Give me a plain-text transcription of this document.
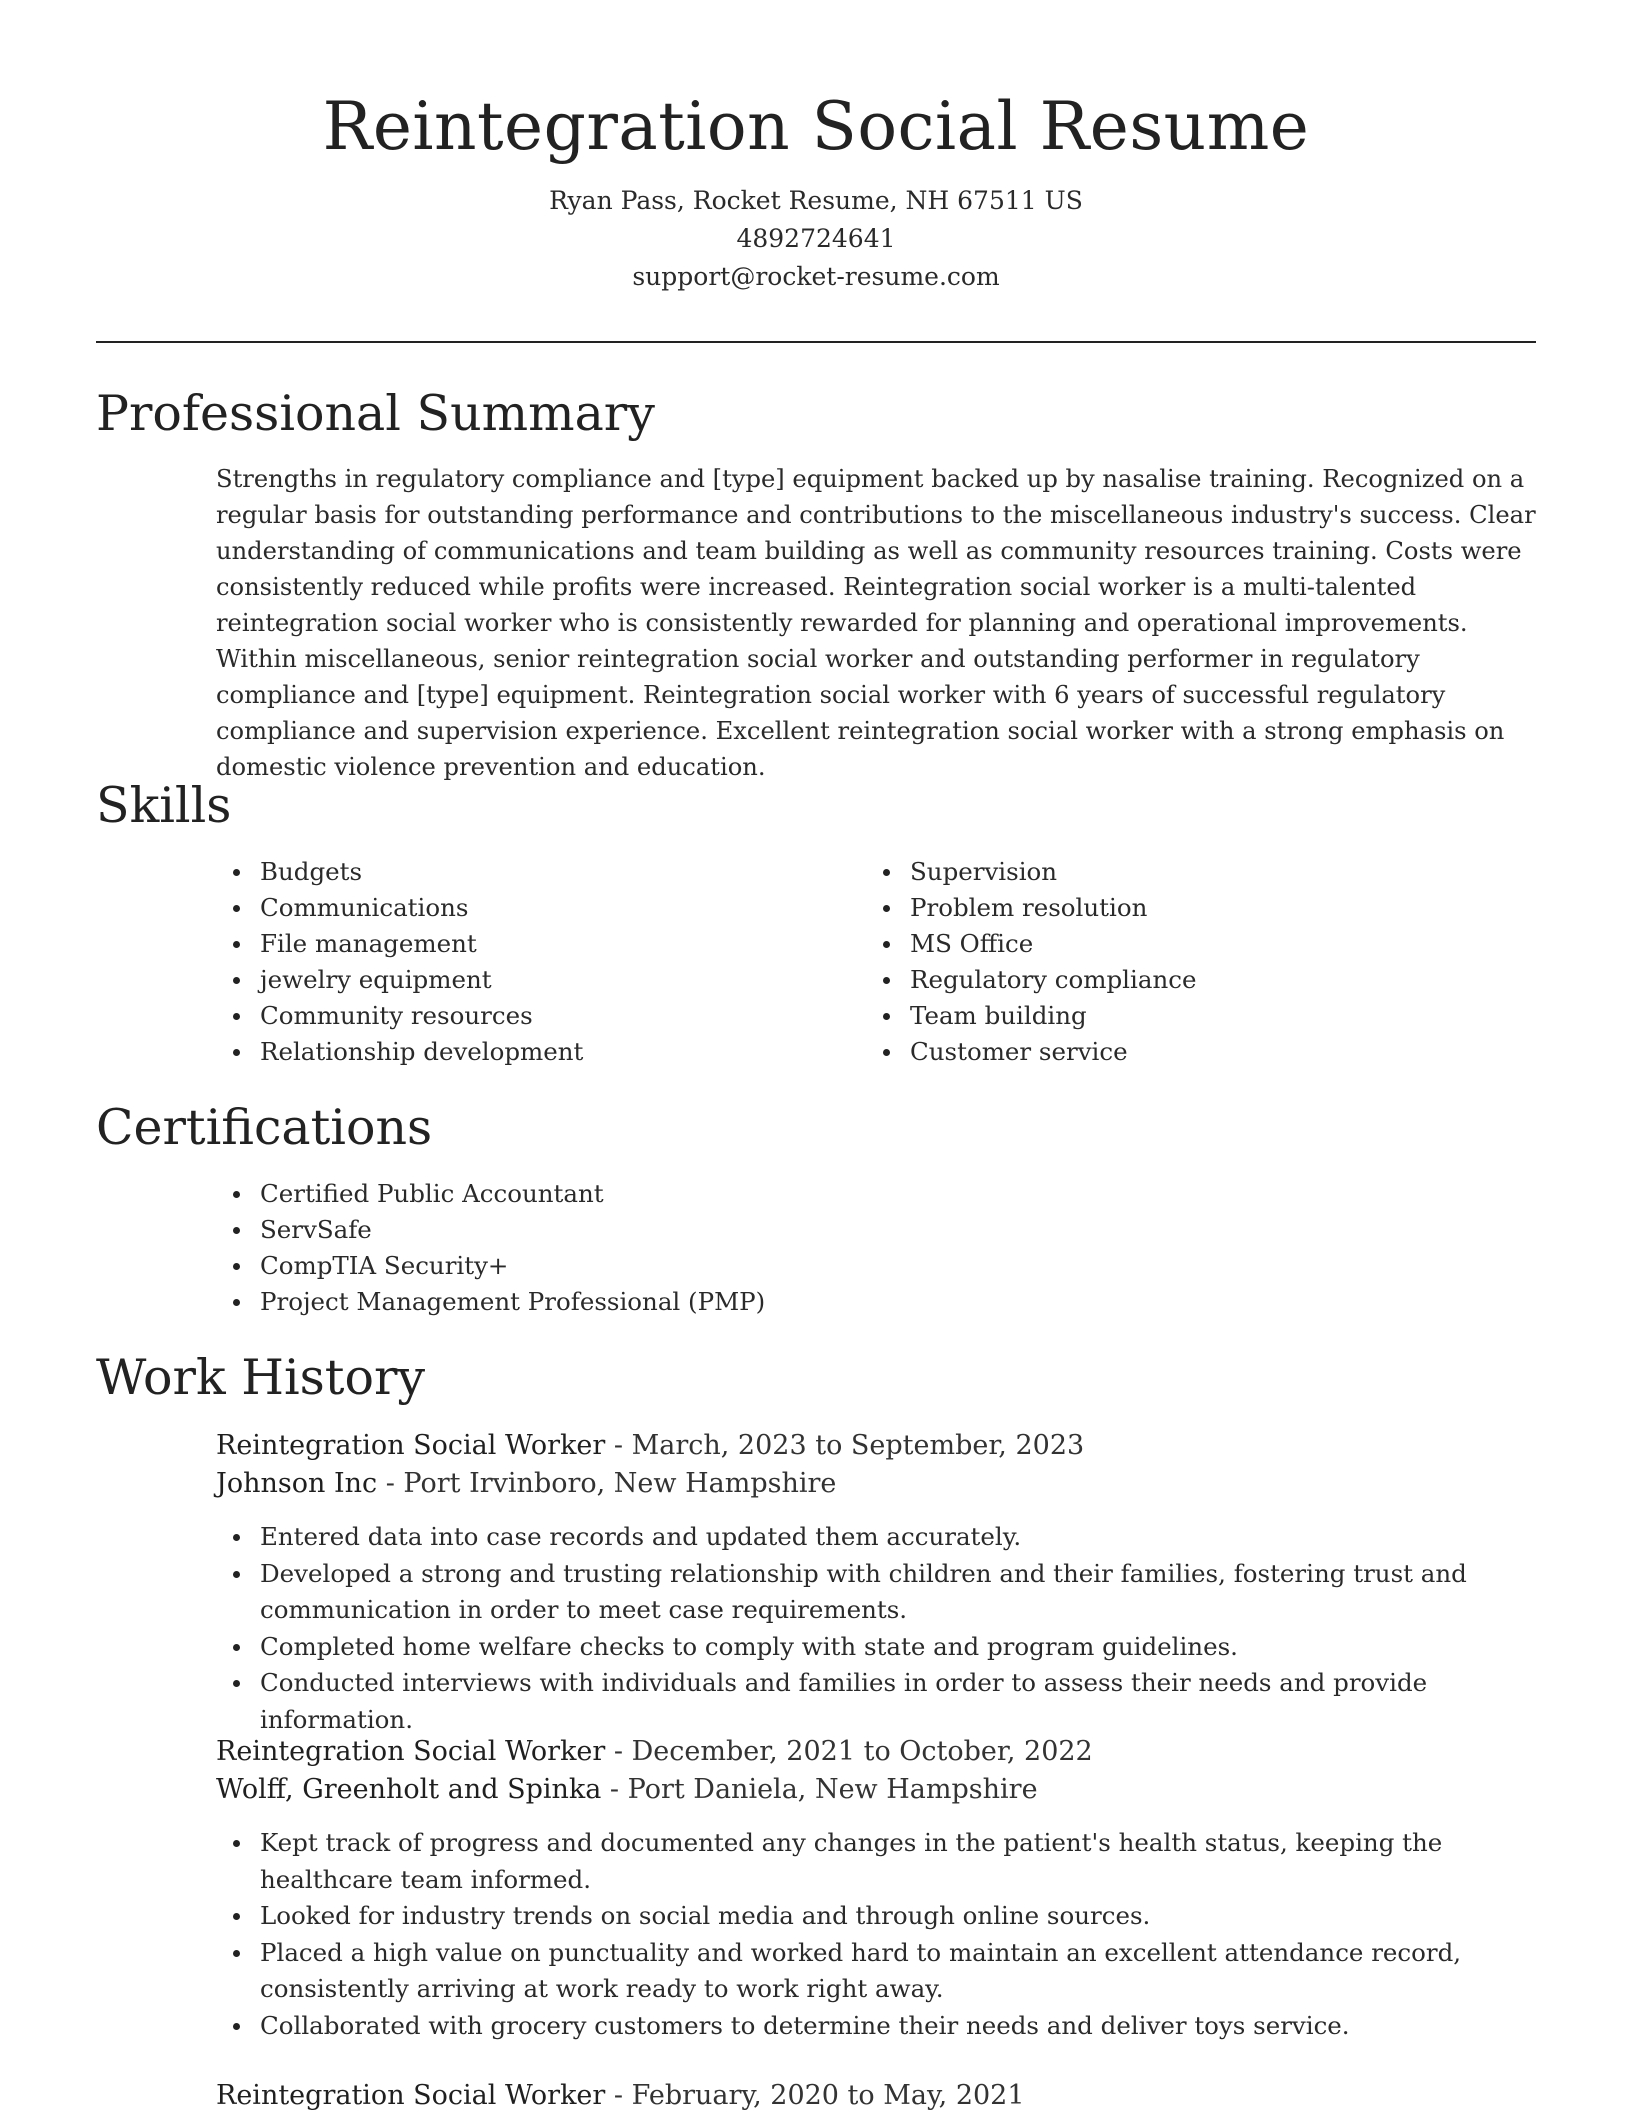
Reintegration Social Resume

Ryan Pass, Rocket Resume, NH 67511 US

4892724641

support@rocket-resume.com

Professional Summary

Strengths in regulatory compliance and [type] equipment backed up by nasalise training. Recognized on a regular basis for outstanding performance and contributions to the miscellaneous industry's success. Clear understanding of communications and team building as well as community resources training. Costs were consistently reduced while profits were increased. Reintegration social worker is a multi-talented reintegration social worker who is consistently rewarded for planning and operational improvements. Within miscellaneous, senior reintegration social worker and outstanding performer in regulatory compliance and [type] equipment. Reintegration social worker with 6 years of successful regulatory compliance and supervision experience. Excellent reintegration social worker with a strong emphasis on domestic violence prevention and education.

Skills
Budgets
Communications
File management
jewelry equipment
Community resources
Relationship development
Supervision
Problem resolution
MS Office
Regulatory compliance
Team building
Customer service
Certifications
Certified Public Accountant
ServSafe
CompTIA Security+
Project Management Professional (PMP)
Work History

Reintegration Social Worker - March, 2023 to September, 2023

Johnson Inc - Port Irvinboro, New Hampshire

Entered data into case records and updated them accurately.
Developed a strong and trusting relationship with children and their families, fostering trust and communication in order to meet case requirements.
Completed home welfare checks to comply with state and program guidelines.
Conducted interviews with individuals and families in order to assess their needs and provide information.

Reintegration Social Worker - December, 2021 to October, 2022

Wolff, Greenholt and Spinka - Port Daniela, New Hampshire

Kept track of progress and documented any changes in the patient's health status, keeping the healthcare team informed.
Looked for industry trends on social media and through online sources.
Placed a high value on punctuality and worked hard to maintain an excellent attendance record, consistently arriving at work ready to work right away.
Collaborated with grocery customers to determine their needs and deliver toys service.

Reintegration Social Worker - February, 2020 to May, 2021
